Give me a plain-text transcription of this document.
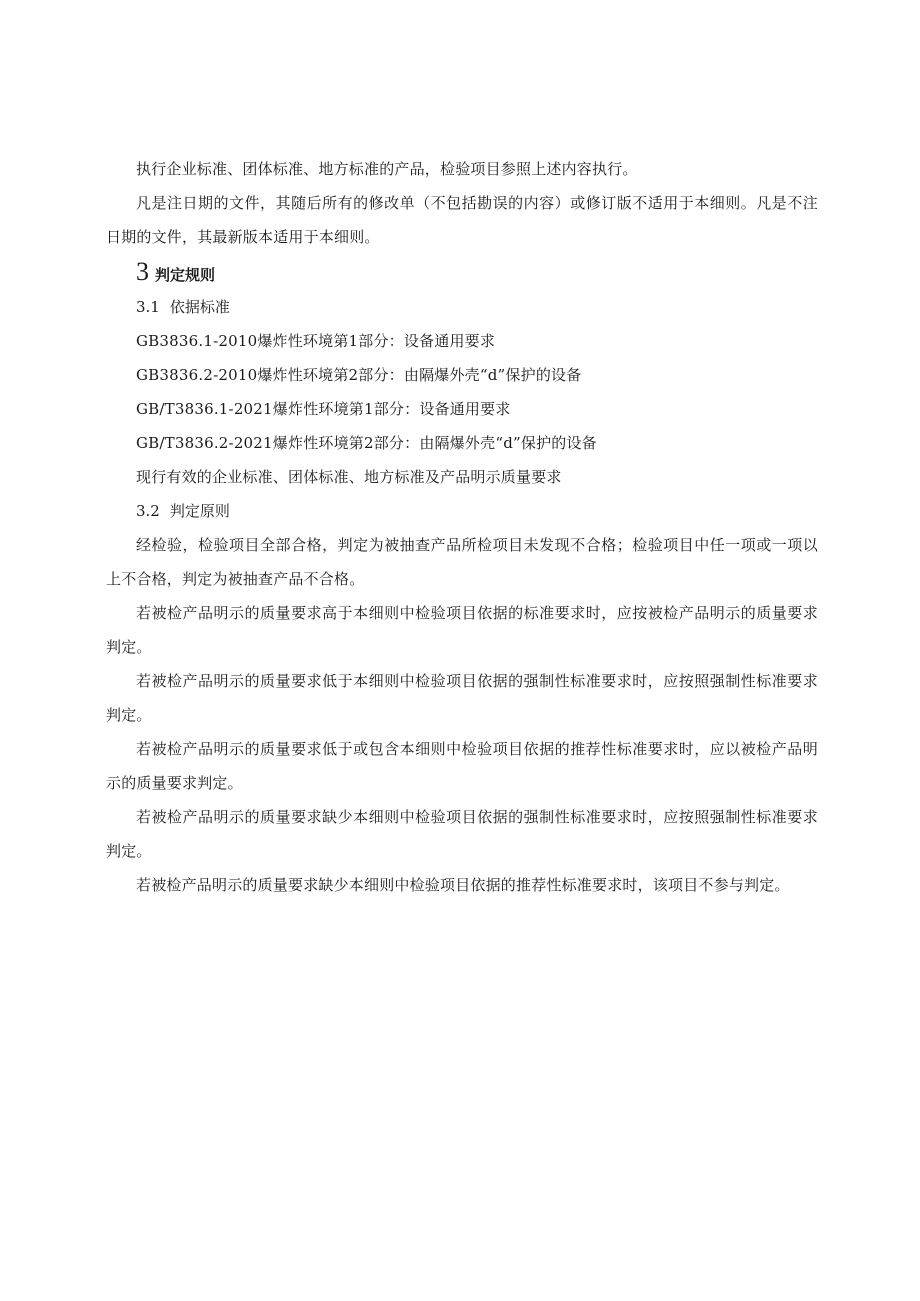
执行企业标准、团体标准、地方标准的产品，检验项目参照上述内容执行。

凡是注日期的文件，其随后所有的修改单（不包括勘误的内容）或修订版不适用于本细则。凡是不注日期的文件，其最新版本适用于本细则。

3 判定规则
3.1 依据标准

GB3836.1-2010爆炸性环境第1部分：设备通用要求

GB3836.2-2010爆炸性环境第2部分：由隔爆外壳“d”保护的设备

GB/T3836.1-2021爆炸性环境第1部分：设备通用要求

GB/T3836.2-2021爆炸性环境第2部分：由隔爆外壳“d”保护的设备

现行有效的企业标准、团体标准、地方标准及产品明示质量要求

3.2 判定原则

经检验，检验项目全部合格，判定为被抽查产品所检项目未发现不合格；检验项目中任一项或一项以上不合格，判定为被抽查产品不合格。

若被检产品明示的质量要求高于本细则中检验项目依据的标准要求时，应按被检产品明示的质量要求判定。

若被检产品明示的质量要求低于本细则中检验项目依据的强制性标准要求时，应按照强制性标准要求判定。

若被检产品明示的质量要求低于或包含本细则中检验项目依据的推荐性标准要求时，应以被检产品明示的质量要求判定。

若被检产品明示的质量要求缺少本细则中检验项目依据的强制性标准要求时，应按照强制性标准要求判定。

若被检产品明示的质量要求缺少本细则中检验项目依据的推荐性标准要求时，该项目不参与判定。
